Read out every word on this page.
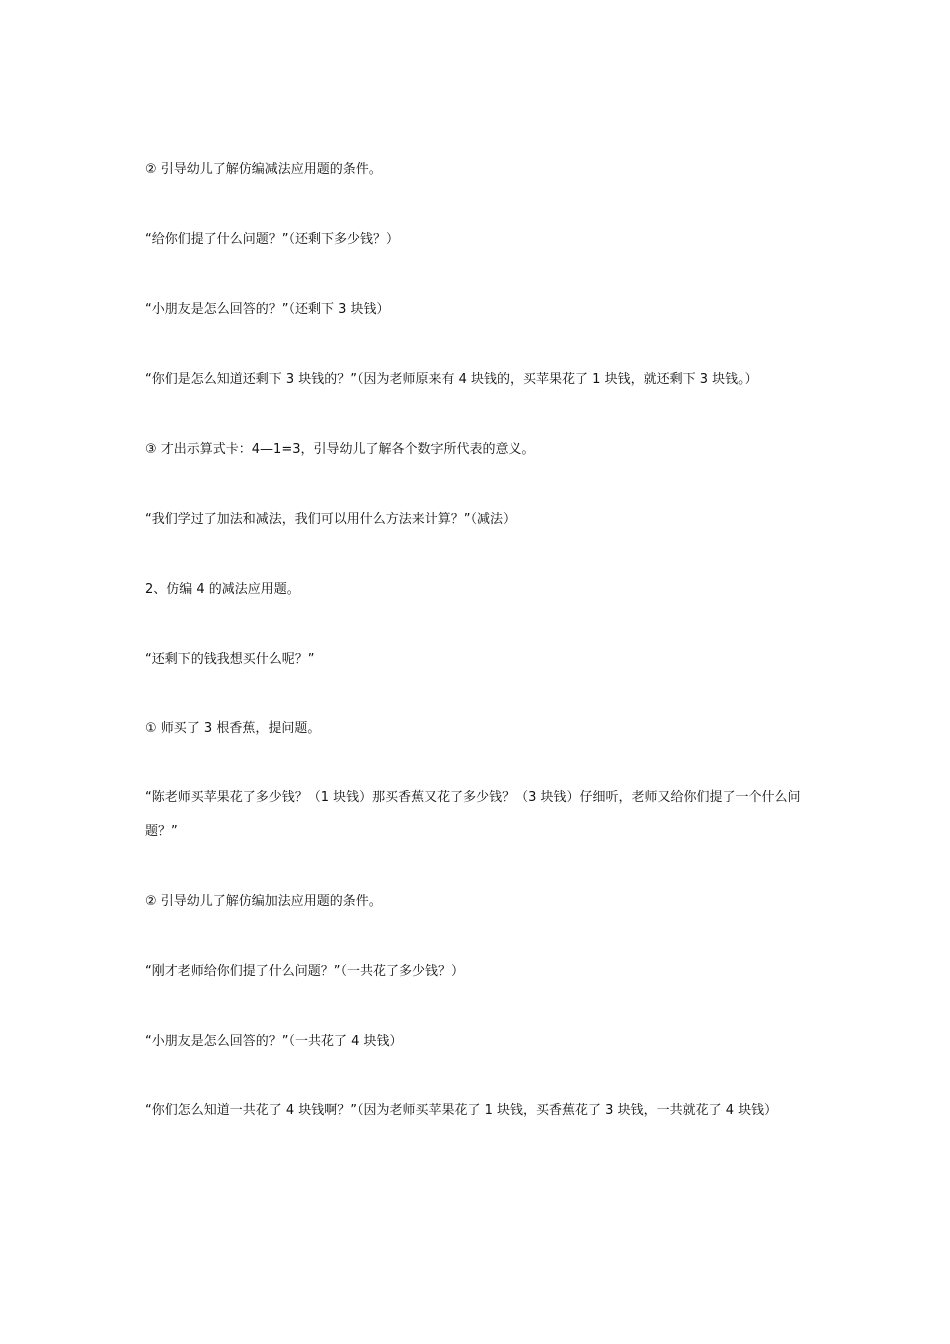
② 引导幼儿了解仿编减法应用题的条件。

“给你们提了什么问题？”（还剩下多少钱？）

“小朋友是怎么回答的？”（还剩下 3 块钱）

“你们是怎么知道还剩下 3 块钱的？”（因为老师原来有 4 块钱的，买苹果花了 1 块钱，就还剩下 3 块钱。）

③ 才出示算式卡：4—1=3，引导幼儿了解各个数字所代表的意义。

“我们学过了加法和减法，我们可以用什么方法来计算？”（减法）

2、仿编 4 的减法应用题。

“还剩下的钱我想买什么呢？”

① 师买了 3 根香蕉，提问题。

“陈老师买苹果花了多少钱？（1 块钱）那买香蕉又花了多少钱？（3 块钱）仔细听，老师又给你们提了一个什么问题？”

② 引导幼儿了解仿编加法应用题的条件。

“刚才老师给你们提了什么问题？”（一共花了多少钱？）

“小朋友是怎么回答的？”（一共花了 4 块钱）

“你们怎么知道一共花了 4 块钱啊？”（因为老师买苹果花了 1 块钱，买香蕉花了 3 块钱，一共就花了 4 块钱）
